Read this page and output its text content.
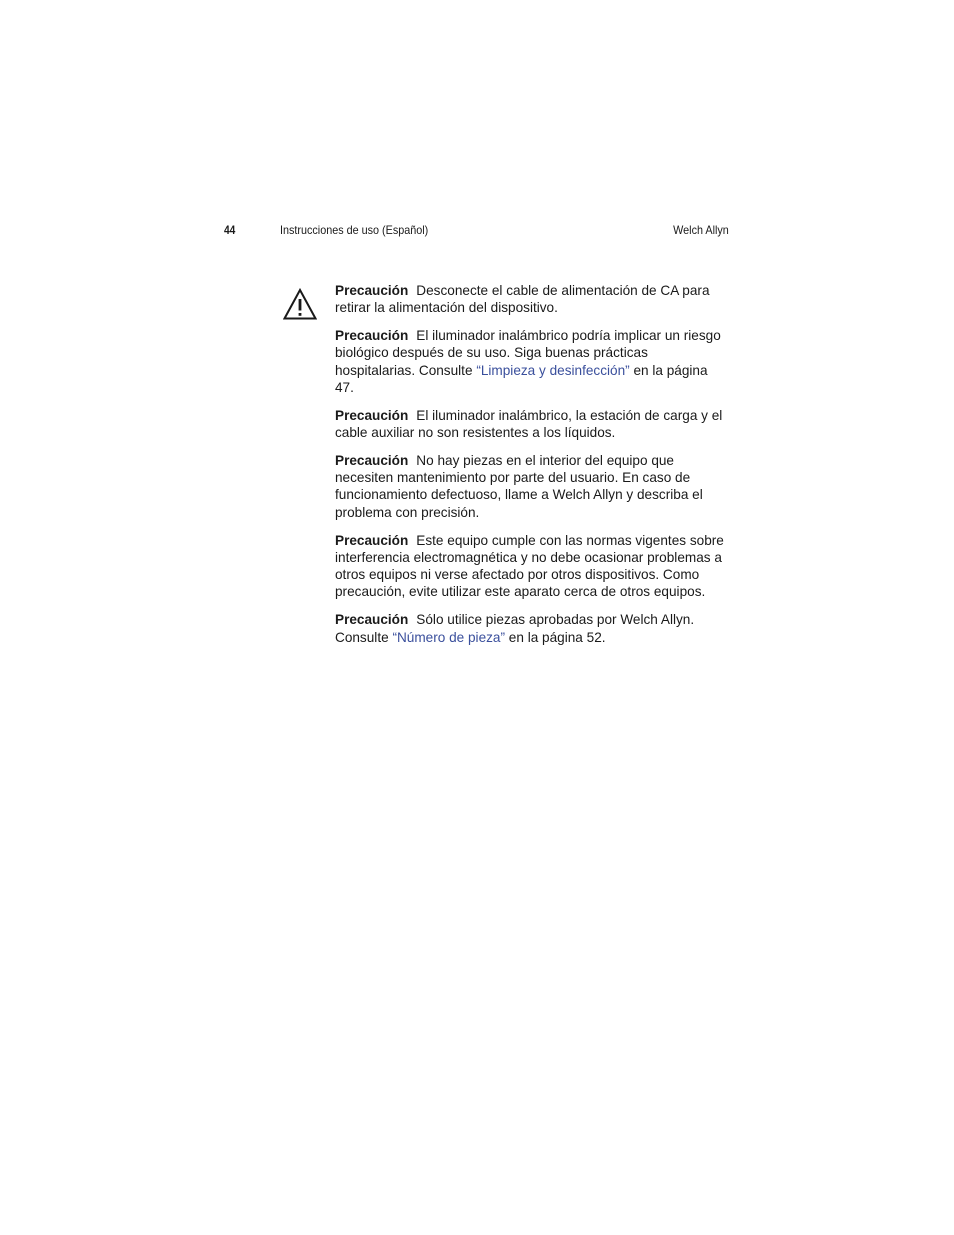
44	Instrucciones de uso (Español)	Welch Allyn

Precaución Desconecte el cable de alimentación de CA para retirar la alimentación del dispositivo.

Precaución El iluminador inalámbrico podría implicar un riesgo biológico después de su uso. Siga buenas prácticas hospitalarias. Consulte “Limpieza y desinfección” en la página 47.

Precaución El iluminador inalámbrico, la estación de carga y el cable auxiliar no son resistentes a los líquidos.

Precaución No hay piezas en el interior del equipo que necesiten mantenimiento por parte del usuario. En caso de funcionamiento defectuoso, llame a Welch Allyn y describa el problema con precisión.

Precaución Este equipo cumple con las normas vigentes sobre interferencia electromagnética y no debe ocasionar problemas a otros equipos ni verse afectado por otros dispositivos. Como precaución, evite utilizar este aparato cerca de otros equipos.

Precaución Sólo utilice piezas aprobadas por Welch Allyn. Consulte “Número de pieza” en la página 52.
